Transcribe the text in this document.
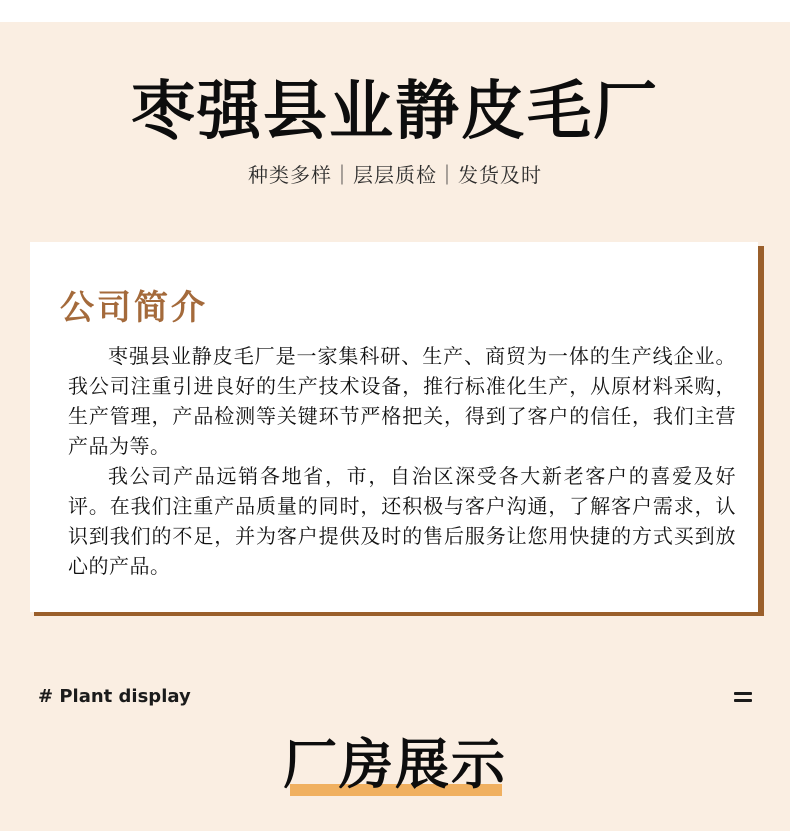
枣强县业静皮毛厂
种类多样｜层层质检｜发货及时
公司简介

枣强县业静皮毛厂是一家集科研、生产、商贸为一体的生产线企业。我公司注重引进良好的生产技术设备，推行标准化生产，从原材料采购，生产管理，产品检测等关键环节严格把关，得到了客户的信任，我们主营产品为等。

我公司产品远销各地省，市，自治区深受各大新老客户的喜爱及好评。在我们注重产品质量的同时，还积极与客户沟通，了解客户需求，认识到我们的不足，并为客户提供及时的售后服务让您用快捷的方式买到放心的产品。

# Plant display
厂房展示
